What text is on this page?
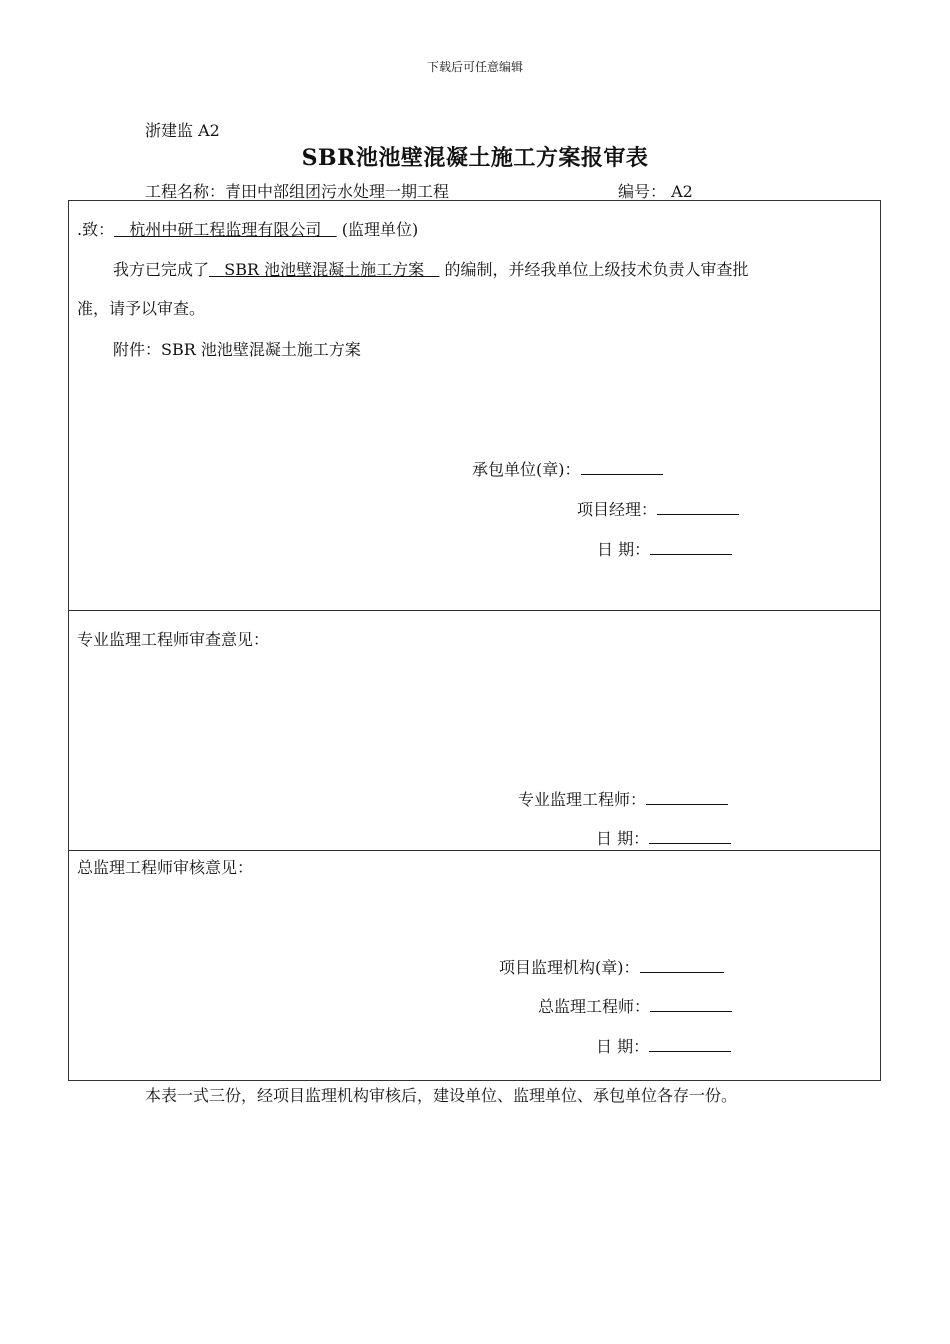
下载后可任意编辑
浙建监 A2
SBR池池壁混凝土施工方案报审表
工程名称：青田中部组团污水处理一期工程	编号： A2
.致： 杭州中研工程监理有限公司 (监理单位)
我方已完成了 SBR 池池壁混凝土施工方案 的编制，并经我单位上级技术负责人审查批
准，请予以审查。
附件：SBR 池池壁混凝土施工方案
承包单位(章)：
项目经理：
日 期：
专业监理工程师审查意见：
专业监理工程师：
日 期：
总监理工程师审核意见：
项目监理机构(章)：
总监理工程师：
日 期：
本表一式三份，经项目监理机构审核后，建设单位、监理单位、承包单位各存一份。
